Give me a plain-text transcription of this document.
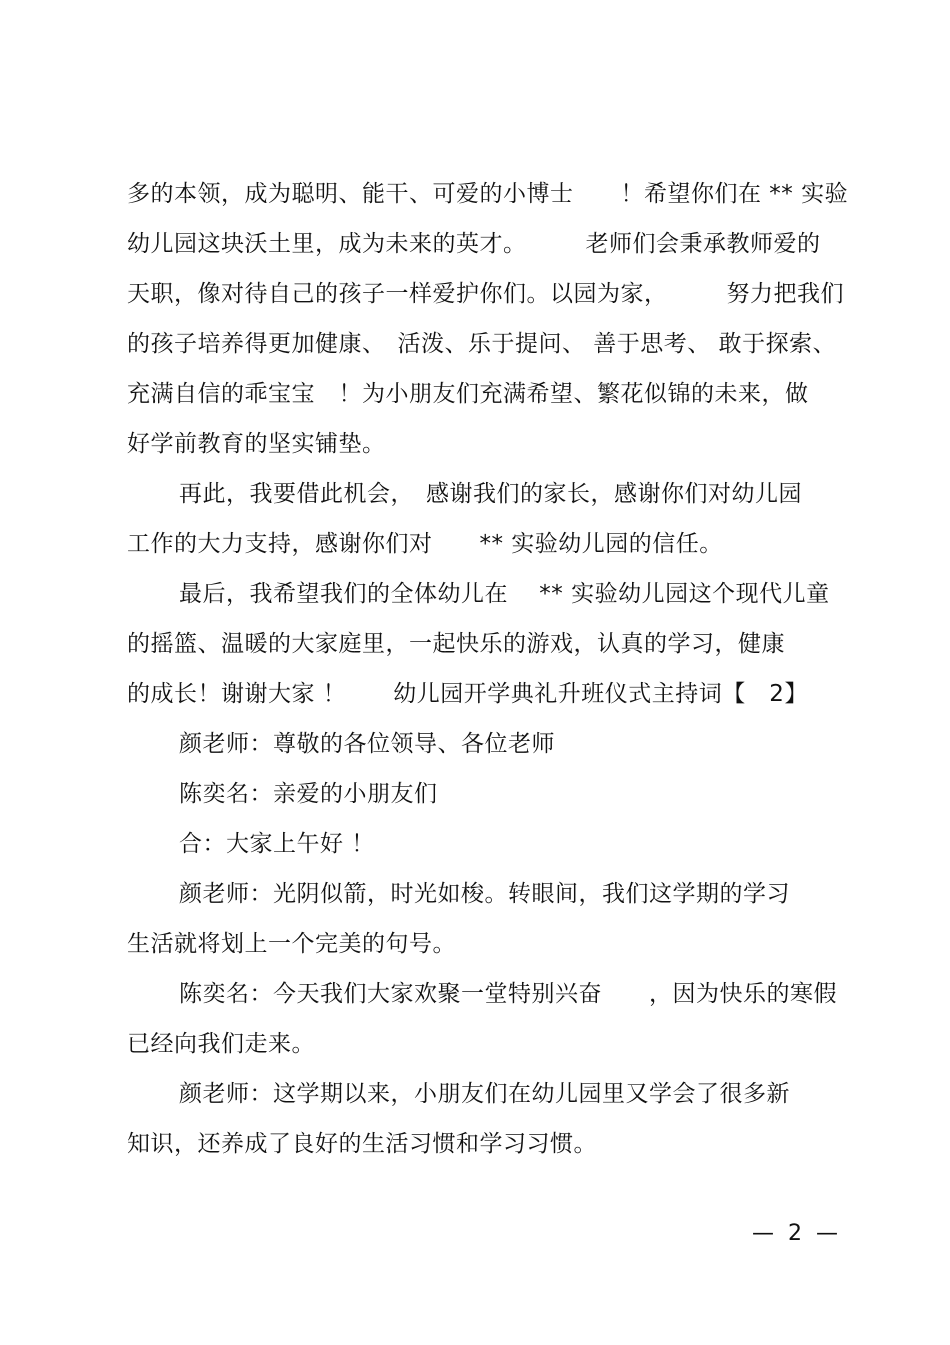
多的本领，成为聪明、能干、可爱的小博士　　！希望你们在 ** 实验
幼儿园这块沃土里，成为未来的英才。　　　老师们会秉承教师爱的
天职，像对待自己的孩子一样爱护你们。以园为家，　　　努力把我们
的孩子培养得更加健康、　活泼、乐于提问、 善于思考、 敢于探索、
充满自信的乖宝宝　！为小朋友们充满希望、繁花似锦的未来，做
好学前教育的坚实铺垫。
再此，我要借此机会，　感谢我们的家长，感谢你们对幼儿园
工作的大力支持，感谢你们对　　** 实验幼儿园的信任。
最后，我希望我们的全体幼儿在　 ** 实验幼儿园这个现代儿童
的摇篮、温暖的大家庭里，一起快乐的游戏，认真的学习，健康
的成长！谢谢大家 ！　　幼儿园开学典礼升班仪式主持词【　2】
颜老师：尊敬的各位领导、各位老师
陈奕名：亲爱的小朋友们
合：大家上午好 ！
颜老师：光阴似箭，时光如梭。转眼间，我们这学期的学习
生活就将划上一个完美的句号。
陈奕名：今天我们大家欢聚一堂特别兴奋　　，因为快乐的寒假
已经向我们走来。
颜老师：这学期以来，小朋友们在幼儿园里又学会了很多新
知识，还养成了良好的生活习惯和学习习惯。
—  2  —
